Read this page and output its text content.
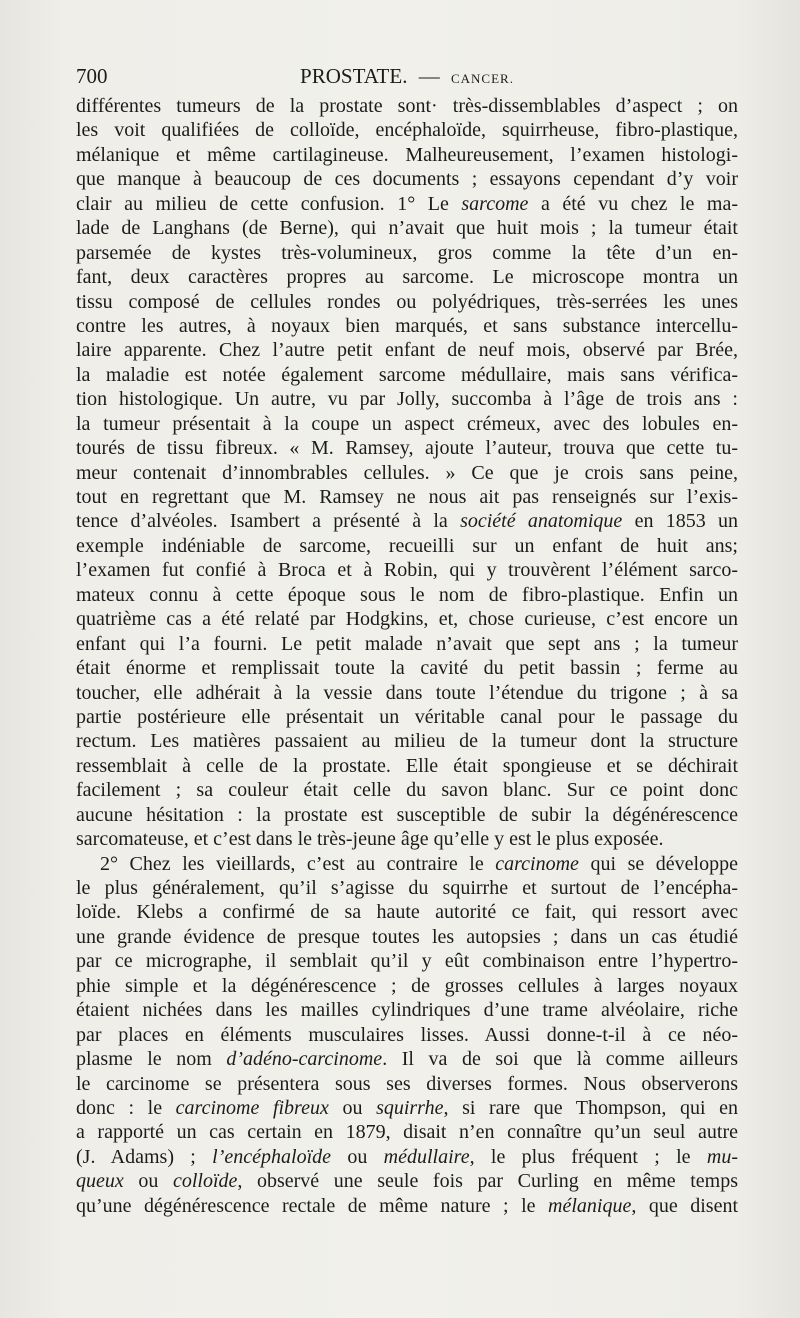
700	PROSTATE. — CANCER.
différentes tumeurs de la prostate sont· très-dissemblables d’aspect ; on
les voit qualifiées de colloïde, encéphaloïde, squirrheuse, fibro-plastique,
mélanique et même cartilagineuse. Malheureusement, l’examen histologi-
que manque à beaucoup de ces documents ; essayons cependant d’y voir
clair au milieu de cette confusion. 1° Le sarcome a été vu chez le ma-
lade de Langhans (de Berne), qui n’avait que huit mois ; la tumeur était
parsemée de kystes très-volumineux, gros comme la tête d’un en-
fant, deux caractères propres au sarcome. Le microscope montra un
tissu composé de cellules rondes ou polyédriques, très-serrées les unes
contre les autres, à noyaux bien marqués, et sans substance intercellu-
laire apparente. Chez l’autre petit enfant de neuf mois, observé par Brée,
la maladie est notée également sarcome médullaire, mais sans vérifica-
tion histologique. Un autre, vu par Jolly, succomba à l’âge de trois ans :
la tumeur présentait à la coupe un aspect crémeux, avec des lobules en-
tourés de tissu fibreux. « M. Ramsey, ajoute l’auteur, trouva que cette tu-
meur contenait d’innombrables cellules. » Ce que je crois sans peine,
tout en regrettant que M. Ramsey ne nous ait pas renseignés sur l’exis-
tence d’alvéoles. Isambert a présenté à la société anatomique en 1853 un
exemple indéniable de sarcome, recueilli sur un enfant de huit ans;
l’examen fut confié à Broca et à Robin, qui y trouvèrent l’élément sarco-
mateux connu à cette époque sous le nom de fibro-plastique. Enfin un
quatrième cas a été relaté par Hodgkins, et, chose curieuse, c’est encore un
enfant qui l’a fourni. Le petit malade n’avait que sept ans ; la tumeur
était énorme et remplissait toute la cavité du petit bassin ; ferme au
toucher, elle adhérait à la vessie dans toute l’étendue du trigone ; à sa
partie postérieure elle présentait un véritable canal pour le passage du
rectum. Les matières passaient au milieu de la tumeur dont la structure
ressemblait à celle de la prostate. Elle était spongieuse et se déchirait
facilement ; sa couleur était celle du savon blanc. Sur ce point donc
aucune hésitation : la prostate est susceptible de subir la dégénérescence
sarcomateuse, et c’est dans le très-jeune âge qu’elle y est le plus exposée.
2° Chez les vieillards, c’est au contraire le carcinome qui se développe
le plus généralement, qu’il s’agisse du squirrhe et surtout de l’encépha-
loïde. Klebs a confirmé de sa haute autorité ce fait, qui ressort avec
une grande évidence de presque toutes les autopsies ; dans un cas étudié
par ce micrographe, il semblait qu’il y eût combinaison entre l’hypertro-
phie simple et la dégénérescence ; de grosses cellules à larges noyaux
étaient nichées dans les mailles cylindriques d’une trame alvéolaire, riche
par places en éléments musculaires lisses. Aussi donne-t-il à ce néo-
plasme le nom d’adéno-carcinome. Il va de soi que là comme ailleurs
le carcinome se présentera sous ses diverses formes. Nous observerons
donc : le carcinome fibreux ou squirrhe, si rare que Thompson, qui en
a rapporté un cas certain en 1879, disait n’en connaître qu’un seul autre
(J. Adams) ; l’encéphaloïde ou médullaire, le plus fréquent ; le mu-
queux ou colloïde, observé une seule fois par Curling en même temps
qu’une dégénérescence rectale de même nature ; le mélanique, que disent
